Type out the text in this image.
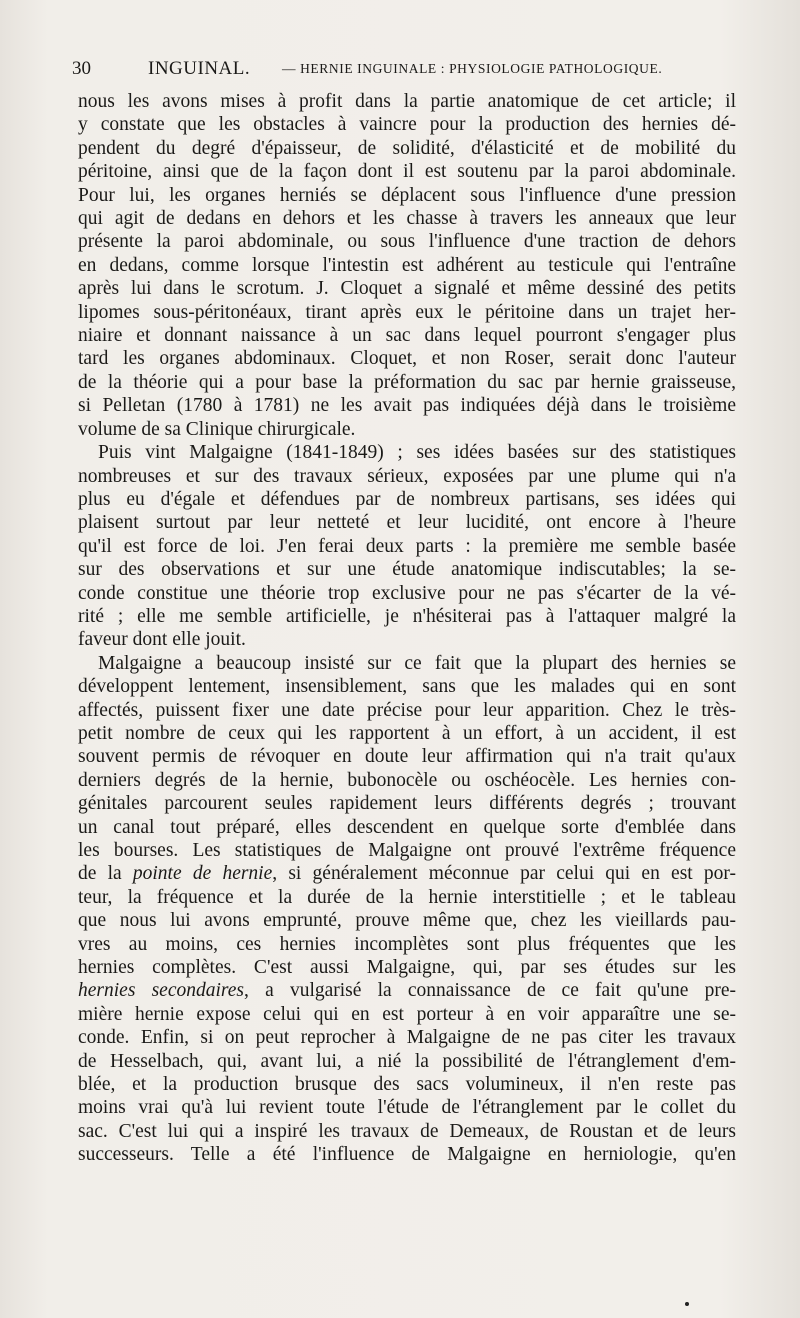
30	INGUINAL. — HERNIE INGUINALE : PHYSIOLOGIE PATHOLOGIQUE.
nous les avons mises à profit dans la partie anatomique de cet article; il
y constate que les obstacles à vaincre pour la production des hernies dé-
pendent du degré d'épaisseur, de solidité, d'élasticité et de mobilité du
péritoine, ainsi que de la façon dont il est soutenu par la paroi abdominale.
Pour lui, les organes herniés se déplacent sous l'influence d'une pression
qui agit de dedans en dehors et les chasse à travers les anneaux que leur
présente la paroi abdominale, ou sous l'influence d'une traction de dehors
en dedans, comme lorsque l'intestin est adhérent au testicule qui l'entraîne
après lui dans le scrotum. J. Cloquet a signalé et même dessiné des petits
lipomes sous-péritonéaux, tirant après eux le péritoine dans un trajet her-
niaire et donnant naissance à un sac dans lequel pourront s'engager plus
tard les organes abdominaux. Cloquet, et non Roser, serait donc l'auteur
de la théorie qui a pour base la préformation du sac par hernie graisseuse,
si Pelletan (1780 à 1781) ne les avait pas indiquées déjà dans le troisième
volume de sa Clinique chirurgicale.
Puis vint Malgaigne (1841-1849) ; ses idées basées sur des statistiques
nombreuses et sur des travaux sérieux, exposées par une plume qui n'a
plus eu d'égale et défendues par de nombreux partisans, ses idées qui
plaisent surtout par leur netteté et leur lucidité, ont encore à l'heure
qu'il est force de loi. J'en ferai deux parts : la première me semble basée
sur des observations et sur une étude anatomique indiscutables; la se-
conde constitue une théorie trop exclusive pour ne pas s'écarter de la vé-
rité ; elle me semble artificielle, je n'hésiterai pas à l'attaquer malgré la
faveur dont elle jouit.
Malgaigne a beaucoup insisté sur ce fait que la plupart des hernies se
développent lentement, insensiblement, sans que les malades qui en sont
affectés, puissent fixer une date précise pour leur apparition. Chez le très-
petit nombre de ceux qui les rapportent à un effort, à un accident, il est
souvent permis de révoquer en doute leur affirmation qui n'a trait qu'aux
derniers degrés de la hernie, bubonocèle ou oschéocèle. Les hernies con-
génitales parcourent seules rapidement leurs différents degrés ; trouvant
un canal tout préparé, elles descendent en quelque sorte d'emblée dans
les bourses. Les statistiques de Malgaigne ont prouvé l'extrême fréquence
de la pointe de hernie, si généralement méconnue par celui qui en est por-
teur, la fréquence et la durée de la hernie interstitielle ; et le tableau
que nous lui avons emprunté, prouve même que, chez les vieillards pau-
vres au moins, ces hernies incomplètes sont plus fréquentes que les
hernies complètes. C'est aussi Malgaigne, qui, par ses études sur les
hernies secondaires, a vulgarisé la connaissance de ce fait qu'une pre-
mière hernie expose celui qui en est porteur à en voir apparaître une se-
conde. Enfin, si on peut reprocher à Malgaigne de ne pas citer les travaux
de Hesselbach, qui, avant lui, a nié la possibilité de l'étranglement d'em-
blée, et la production brusque des sacs volumineux, il n'en reste pas
moins vrai qu'à lui revient toute l'étude de l'étranglement par le collet du
sac. C'est lui qui a inspiré les travaux de Demeaux, de Roustan et de leurs
successeurs. Telle a été l'influence de Malgaigne en herniologie, qu'en
